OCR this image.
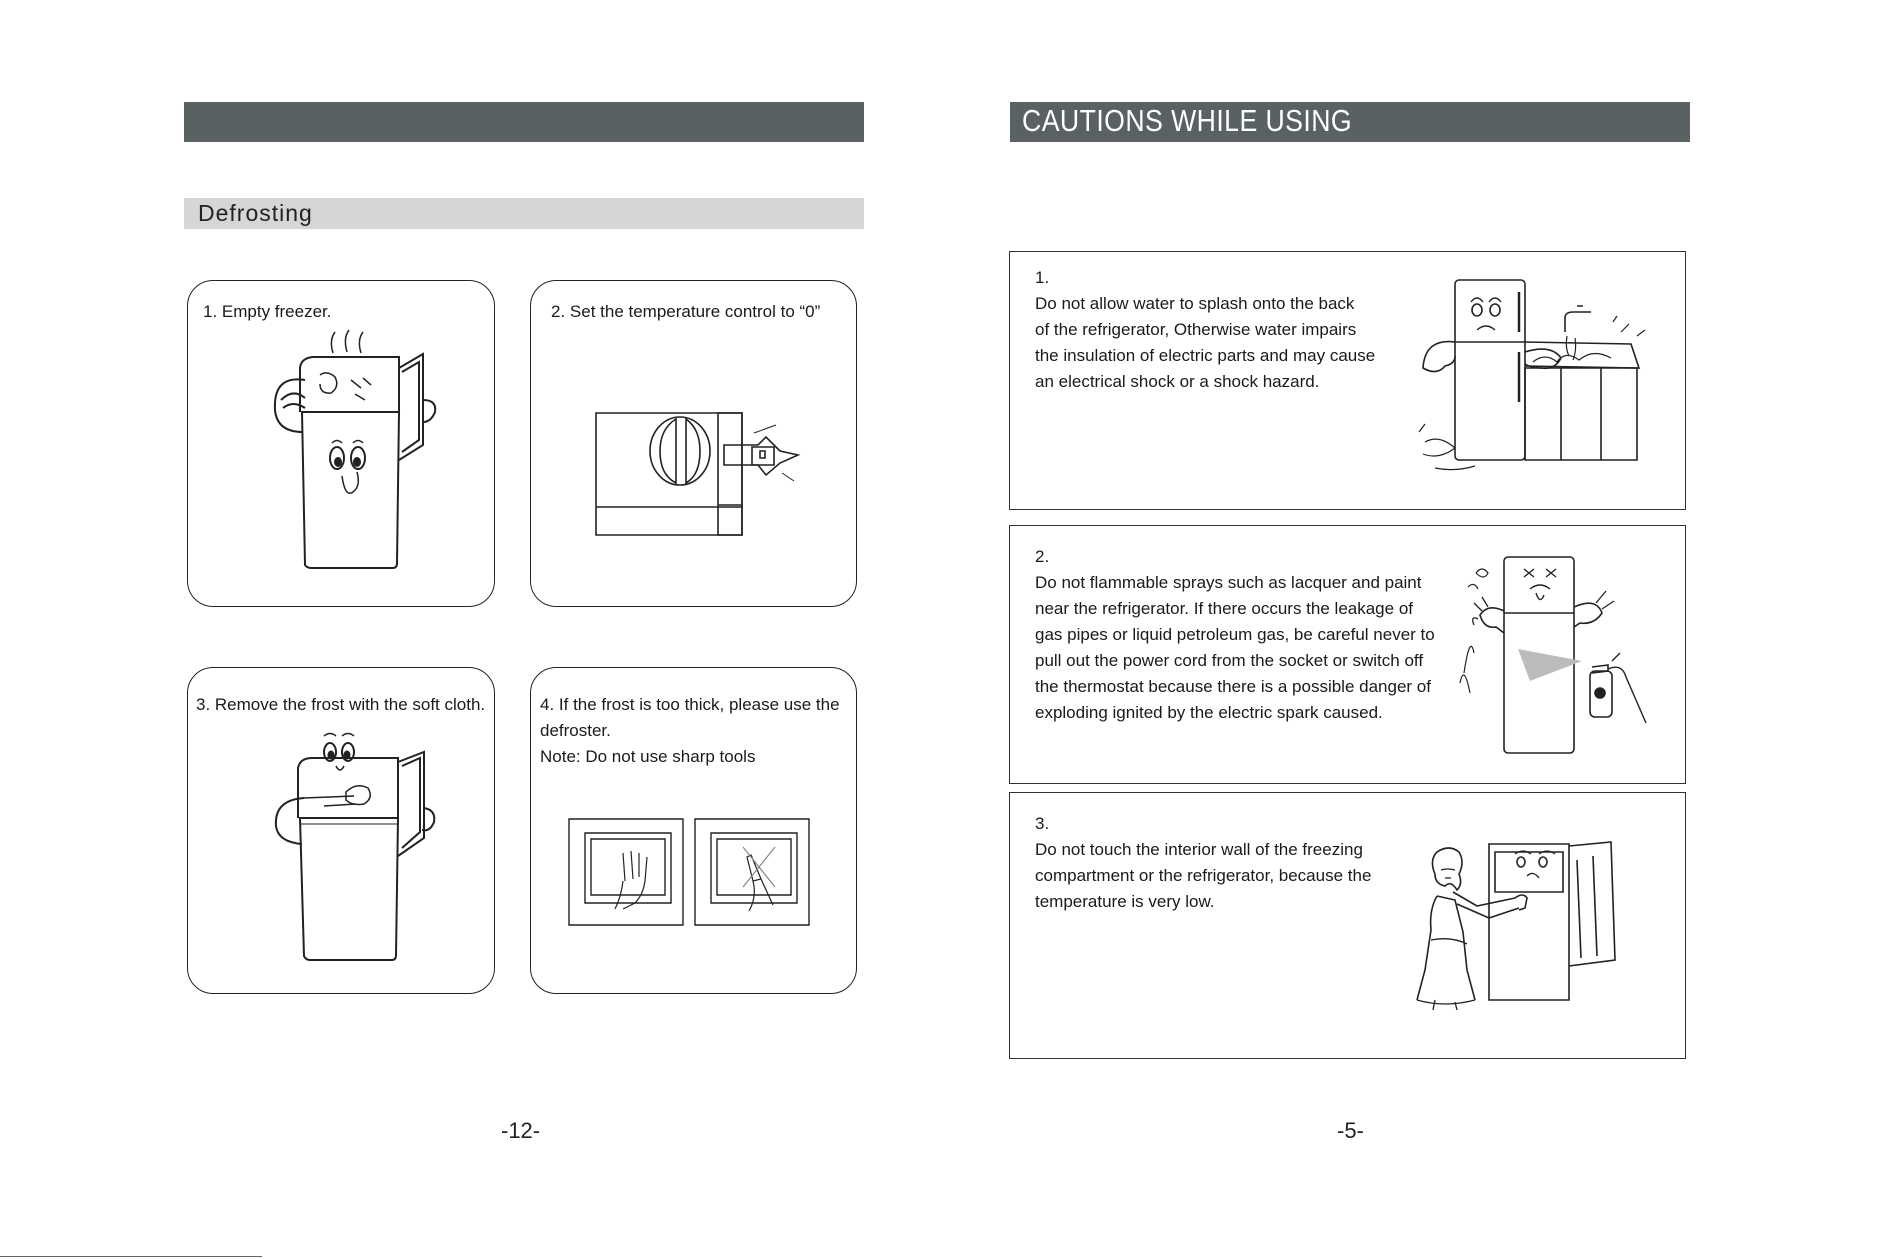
Defrosting
1. Empty freezer.	2. Set the temperature control to “0”
3. Remove the frost with the soft cloth.	4. If the frost is too thick, please use the
defroster.
Note: Do not use sharp tools
-12-
CAUTIONS WHILE USING
1.
Do not allow water to splash onto the back
of the refrigerator, Otherwise water impairs
the insulation of electric parts and may cause
an electrical shock or a shock hazard.
2.
Do not flammable sprays such as lacquer and paint
near the refrigerator. If there occurs the leakage of
gas pipes or liquid petroleum gas, be careful never to
pull out the power cord from the socket or switch off
the thermostat because there is a possible danger of
exploding ignited by the electric spark caused.
3.
Do not touch the interior wall of the freezing
compartment or the refrigerator, because the
temperature is very low.
-5-
